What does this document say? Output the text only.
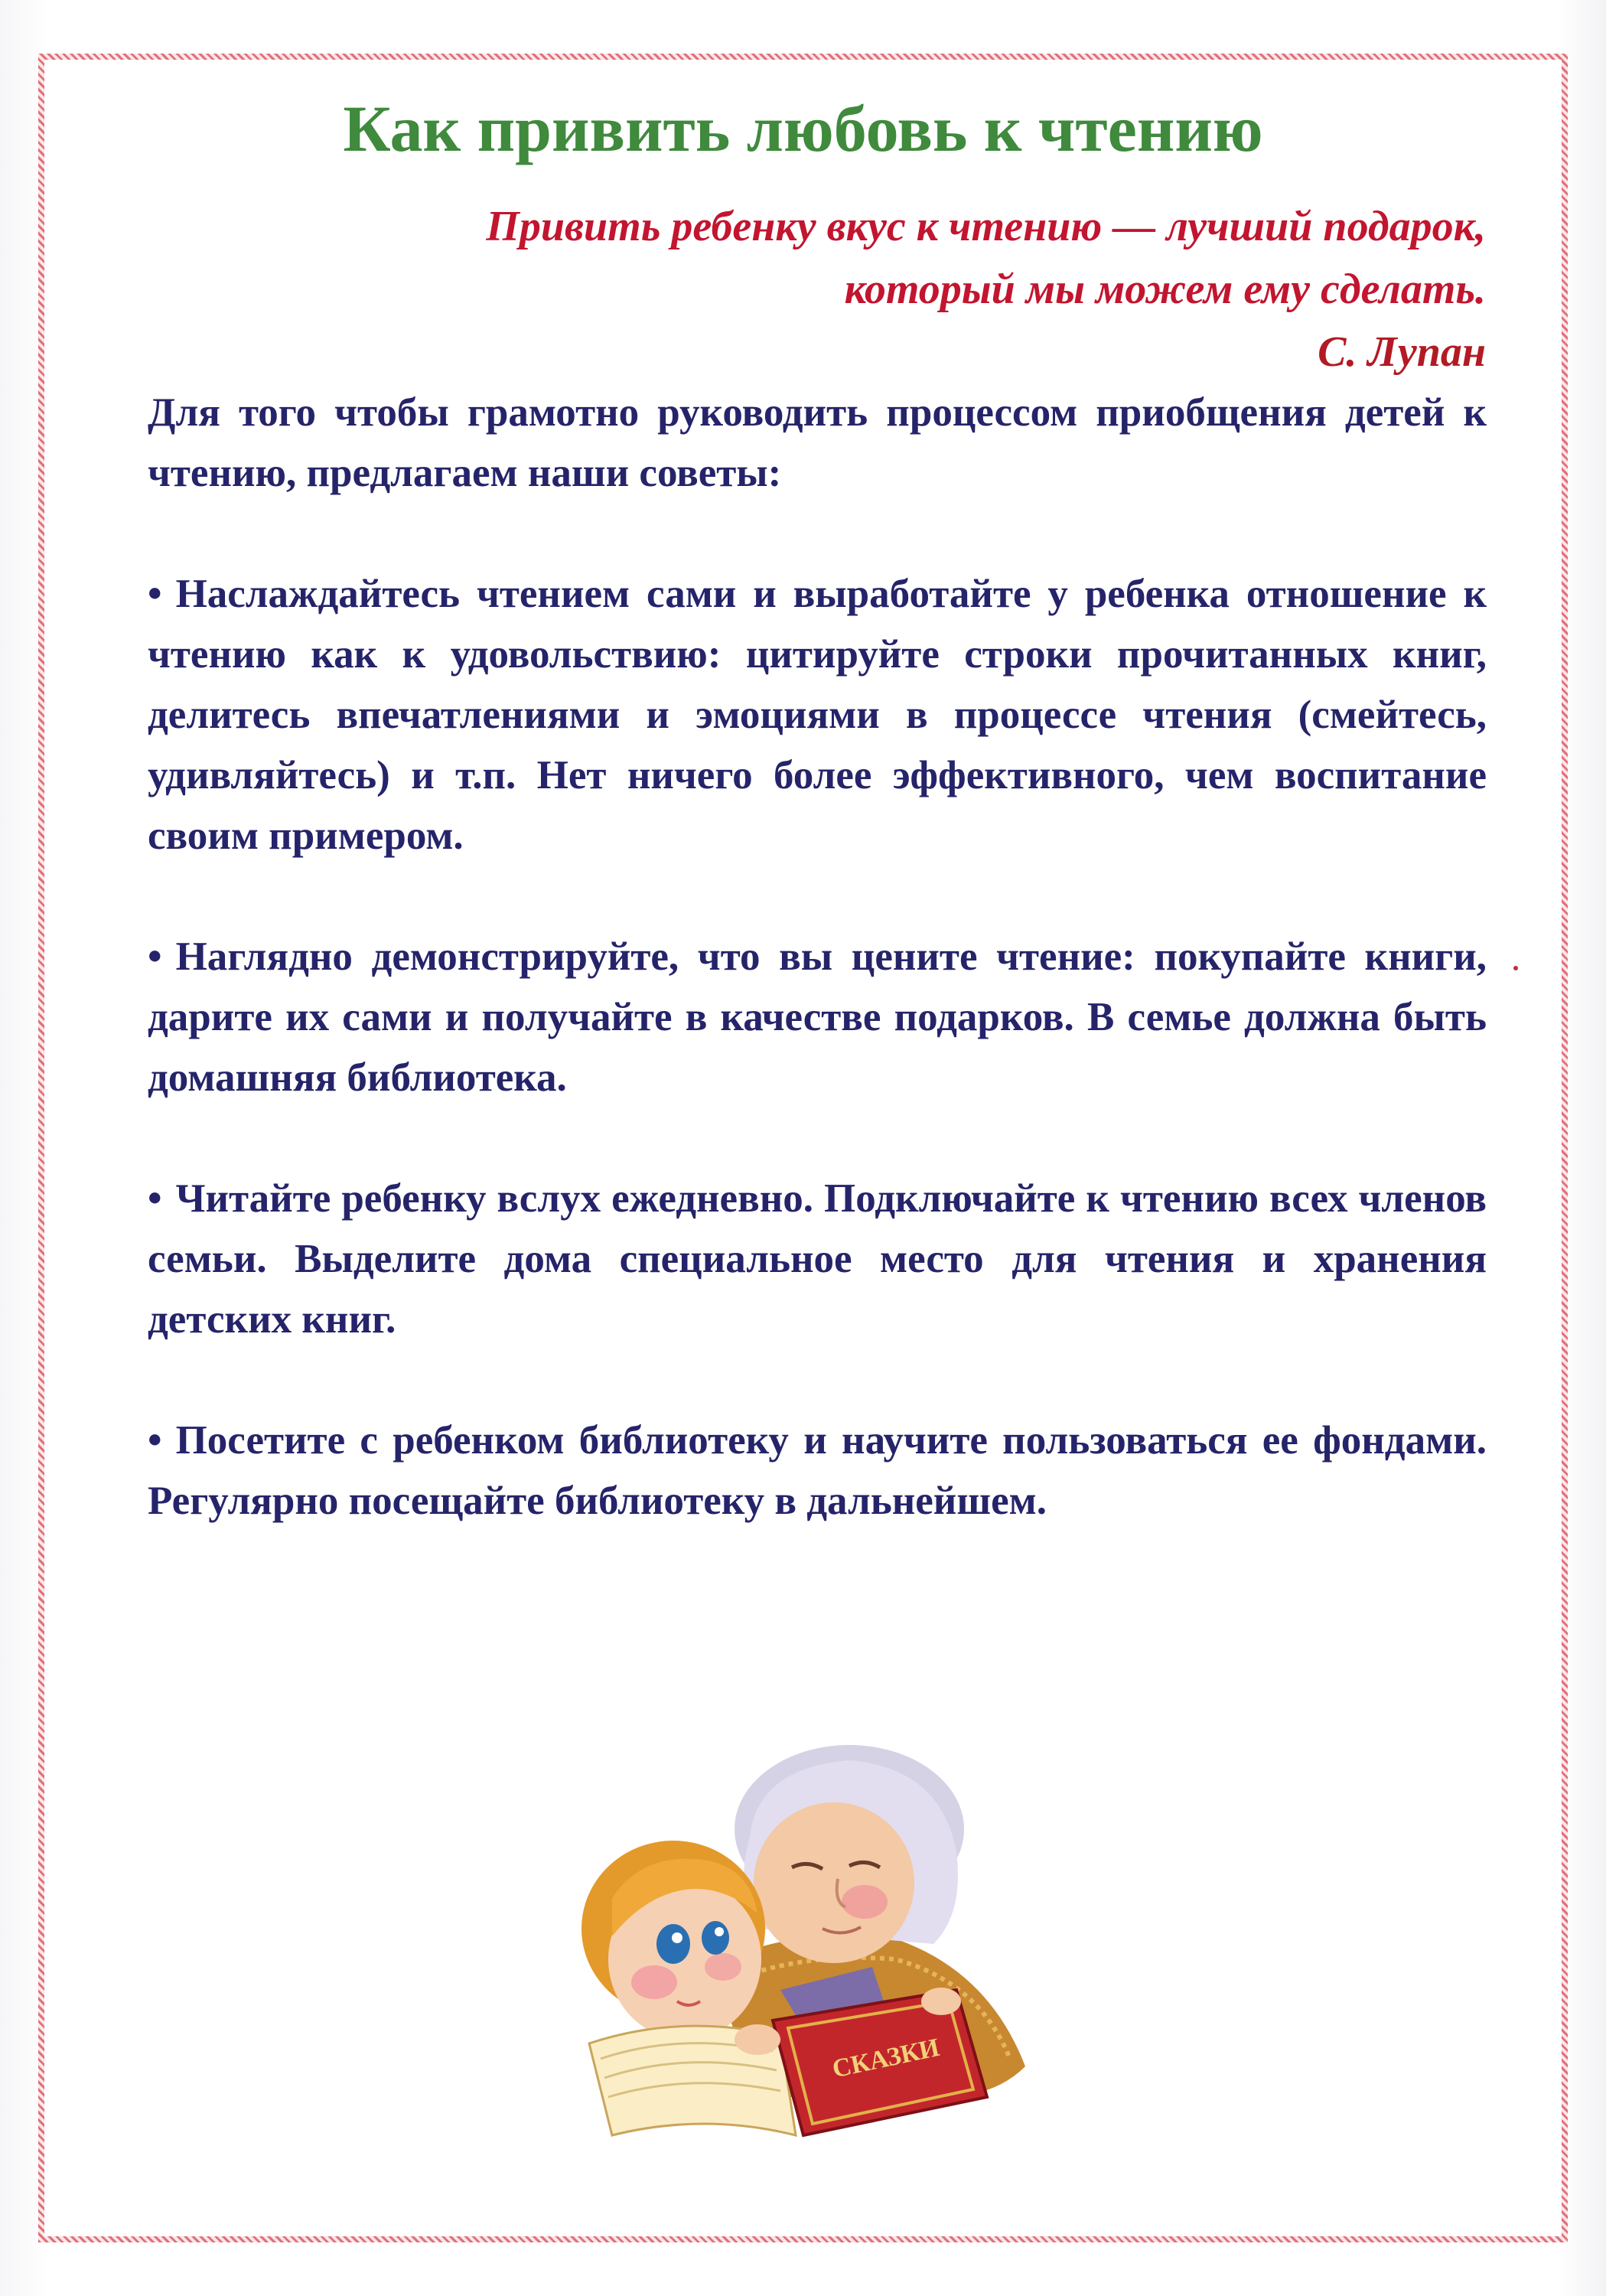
Как привить любовь к чтению
Привить ребенку вкус к чтению — лучший подарок,
который мы можем ему сделать.
С. Лупан

Для того чтобы грамотно руководить процессом приобщения детей к чтению, предлагаем наши советы:

• Наслаждайтесь чтением сами и выработайте у ребенка отношение к чтению как к удовольствию: цитируйте строки прочитанных книг, делитесь впечатлениями и эмоциями в процессе чтения (смейтесь, удивляйтесь) и т.п. Нет ничего более эффективного, чем воспитание своим примером.

• Наглядно демонстрируйте, что вы цените чтение: покупайте книги, дарите их сами и получайте в качестве подарков. В семье должна быть домашняя библиотека.

• Читайте ребенку вслух ежедневно. Подключайте к чтению всех членов семьи. Выделите дома специальное место для чтения и хранения детских книг.

• Посетите с ребенком библиотеку и научите пользоваться ее фондами. Регулярно посещайте библиотеку в дальнейшем.

СКАЗКИ
